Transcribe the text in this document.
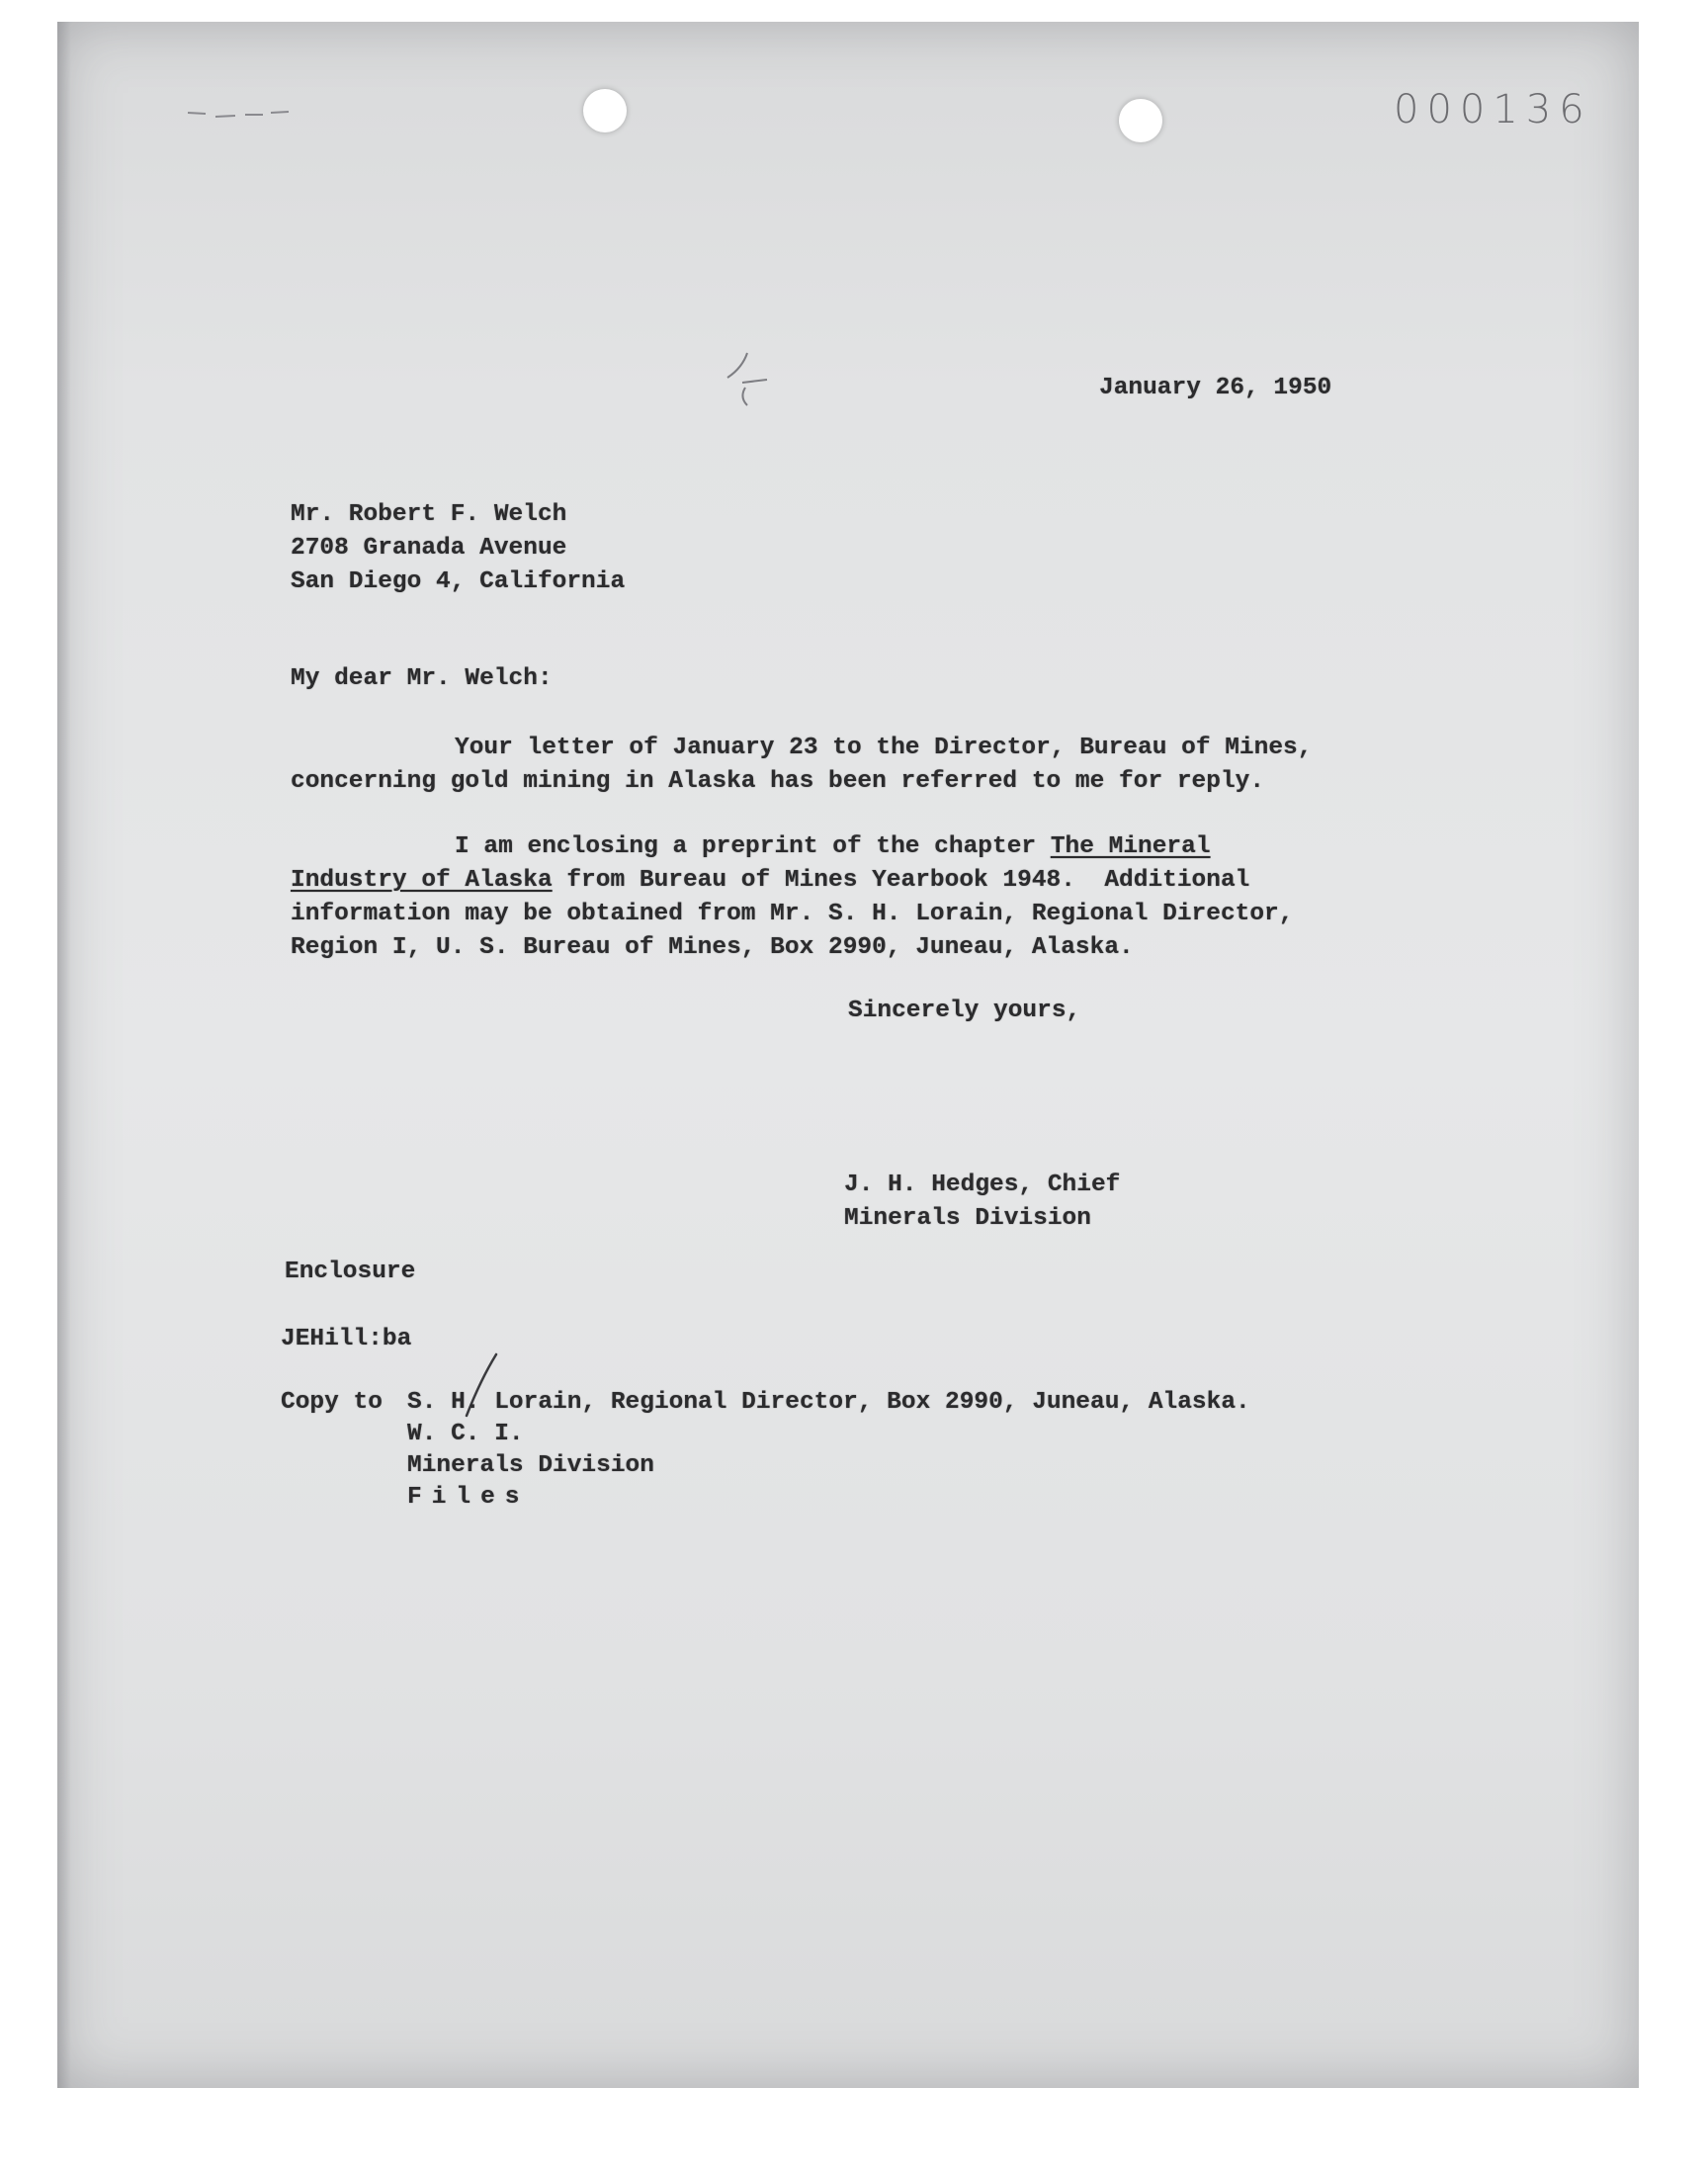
000136
January 26, 1950
Mr. Robert F. Welch
2708 Granada Avenue
San Diego 4, California
My dear Mr. Welch:
Your letter of January 23 to the Director, Bureau of Mines,
concerning gold mining in Alaska has been referred to me for reply.
I am enclosing a preprint of the chapter The Mineral
Industry of Alaska from Bureau of Mines Yearbook 1948.  Additional
information may be obtained from Mr. S. H. Lorain, Regional Director,
Region I, U. S. Bureau of Mines, Box 2990, Juneau, Alaska.
Sincerely yours,
J. H. Hedges, Chief
Minerals Division
Enclosure
JEHill:ba
Copy to S. H. Lorain, Regional Director, Box 2990, Juneau, Alaska.
W. C. I.
Minerals Division
Files
